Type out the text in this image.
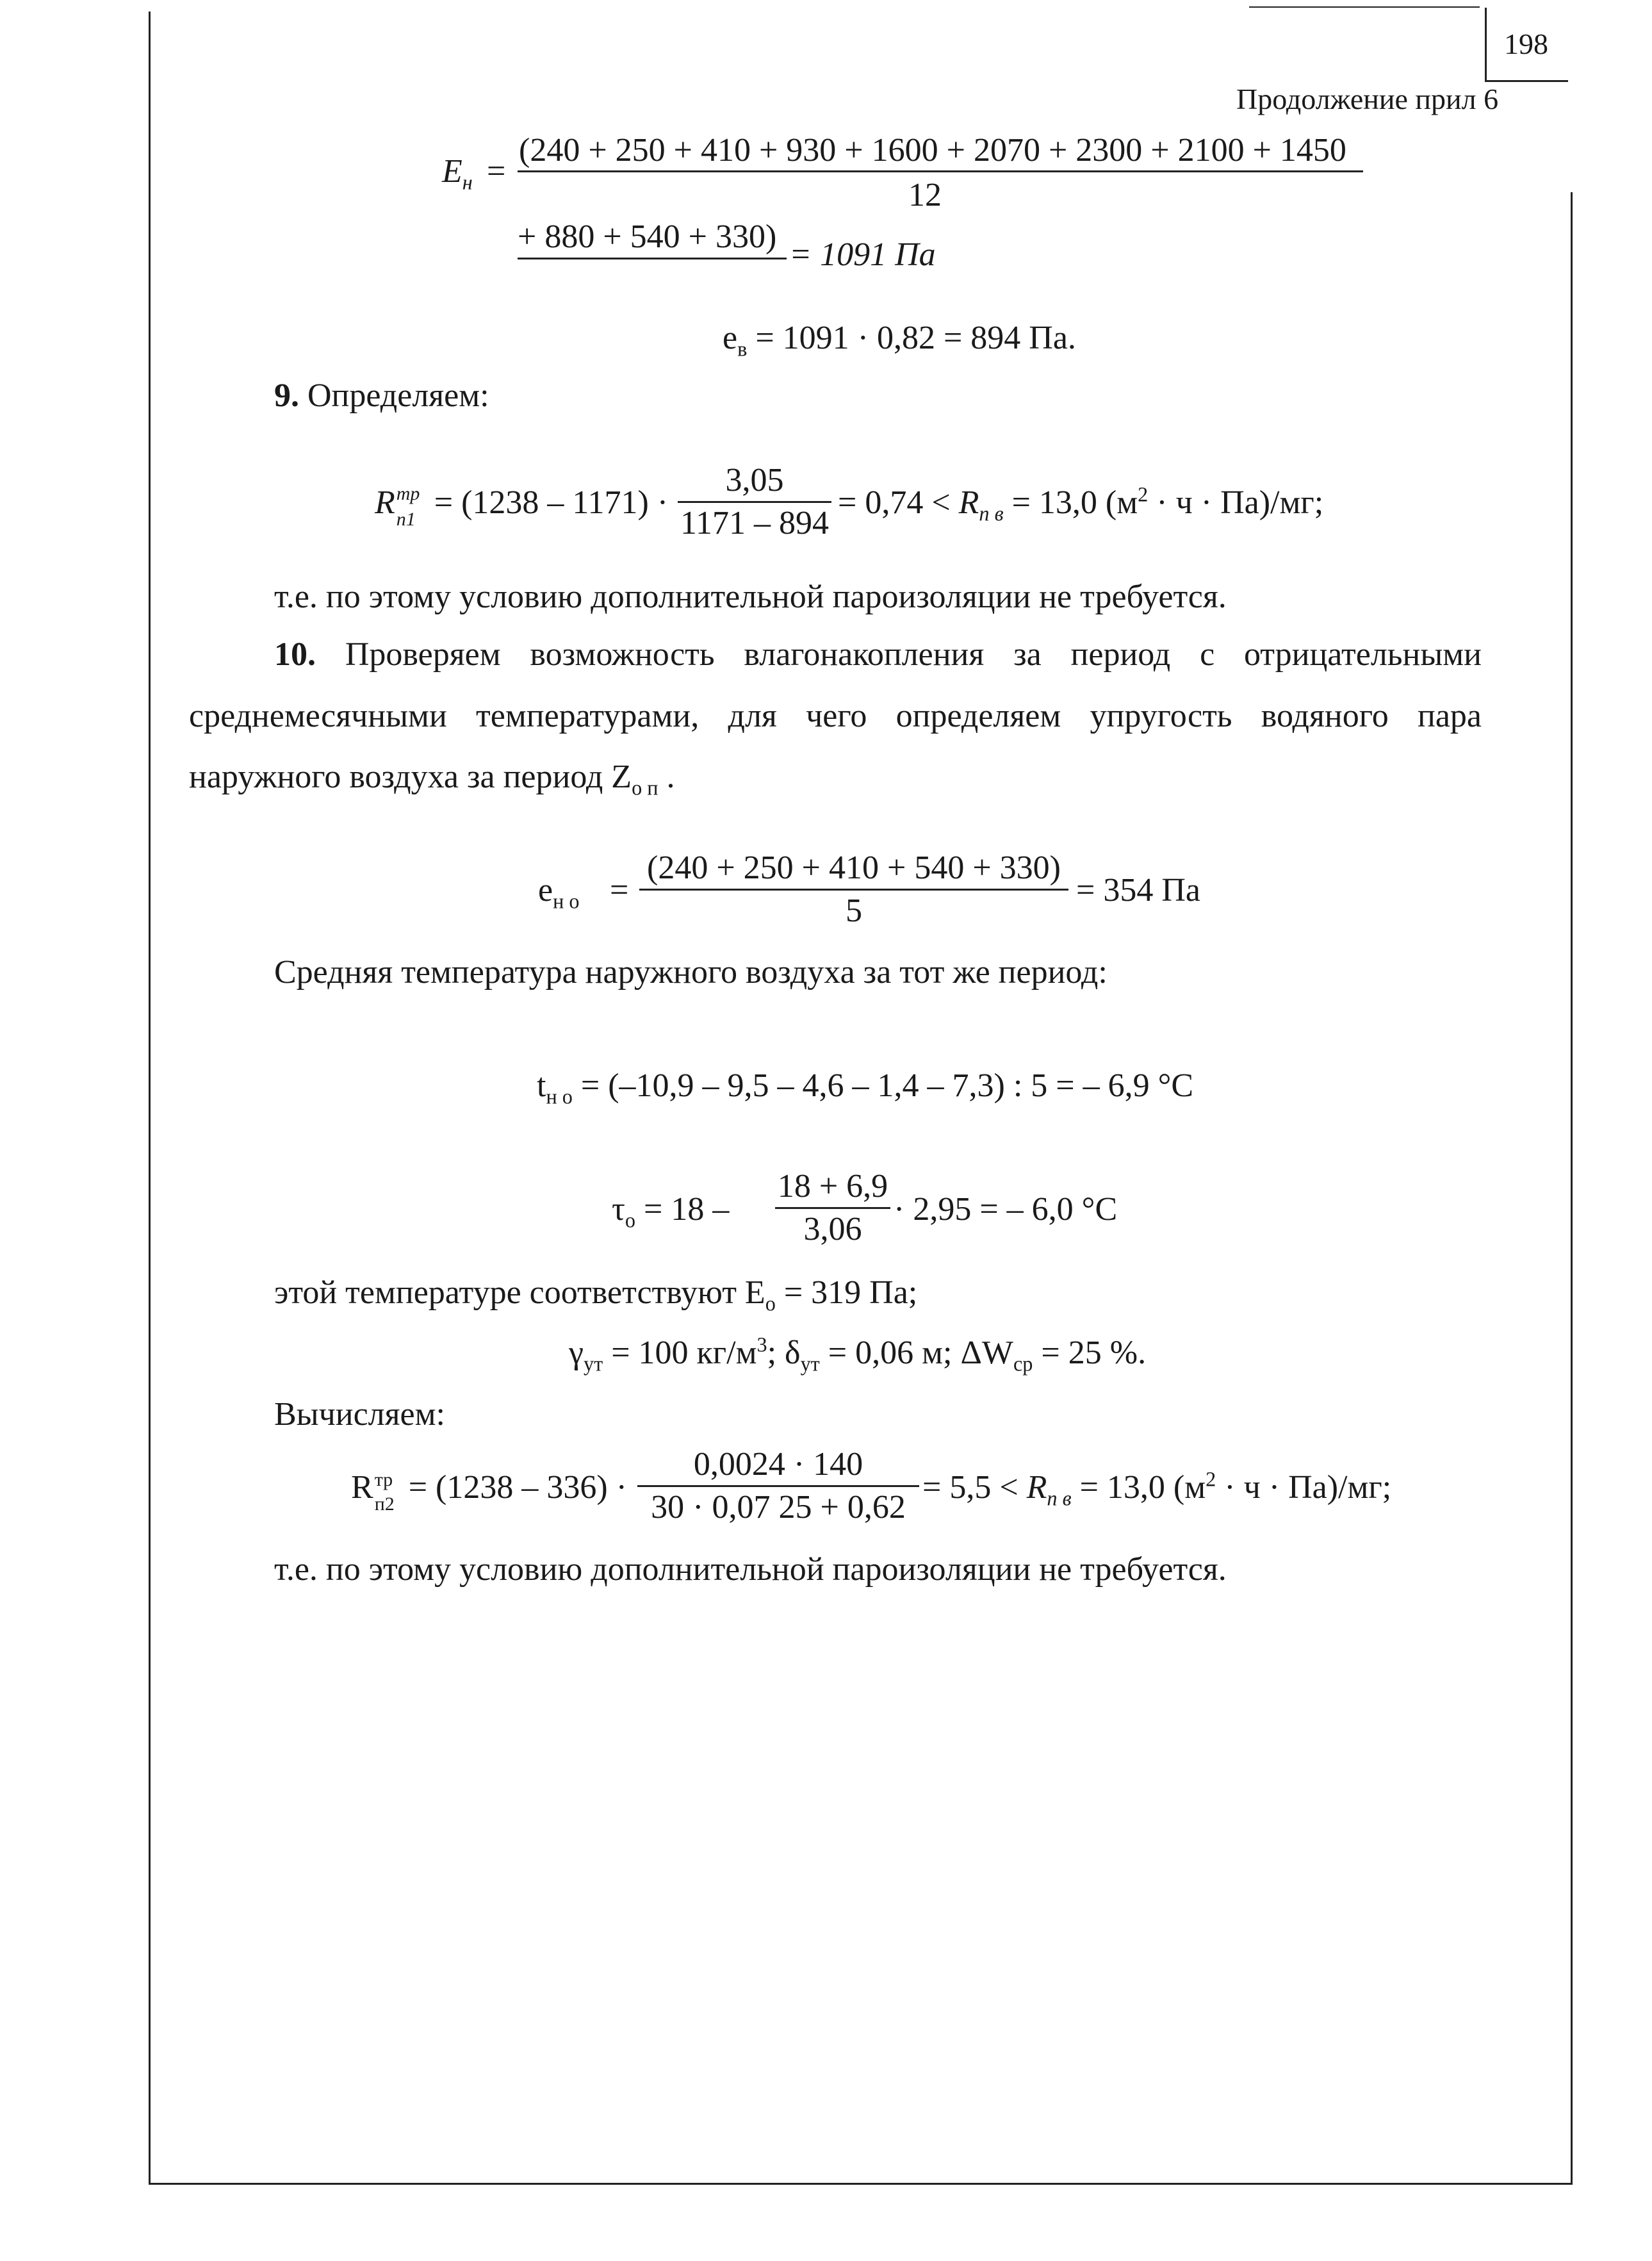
198
Продолжение прил 6
$E_н$ =
(240 + 250 + 410 + 930 + 1600 + 2070 + 2300 + 2100 + 1450
12
+ 880 + 540 + 330) = 1091 Па
$e_в = 1091 \cdot 0,82 = 894$ Па.
9. Определяем:
R тр
n1 = (1238 – 1171) ·
3,05
1171 – 894
= $0,74 < R_{п в} = 13,0$ $(м^2 \cdot ч \cdot Па)/мг$;
т.е. по этому условию дополнительной пароизоляции не требуется.
10. Проверяем возможность влагонакопления за период с отрицательными
среднемесячными температурами, для чего определяем упругость водяного пара
наружного воздуха за период $Z_{о п}$ .
$e_{н о}$ =
(240 + 250 + 410 + 540 + 330)
5
= 354 Па
Средняя температура наружного воздуха за тот же период:
$t_{н о} = (-10,9 - 9,5 - 4,6 - 1,4 - 7,3)$ : 5 = – 6,9 °С
$\tau_о = 18$ –
18 + 6,9
3,06
· 2,95 = – 6,0 °С
этой температуре соответствуют $E_о = 319$ Па;
$\gamma_{ут} = 100$ $кг/м^3$; $\delta_{ут} = 0,06$ м; $\Delta W_{ср} = 25$ %.
Вычисляем:
R тр
п2 = (1238 – 336) ·
0,0024 · 140
30 · 0,07 25 + 0,62
= $5,5 < R_{п в} = 13,0$ $(м^2 \cdot ч \cdot Па)/мг$;
т.е. по этому условию дополнительной пароизоляции не требуется.
